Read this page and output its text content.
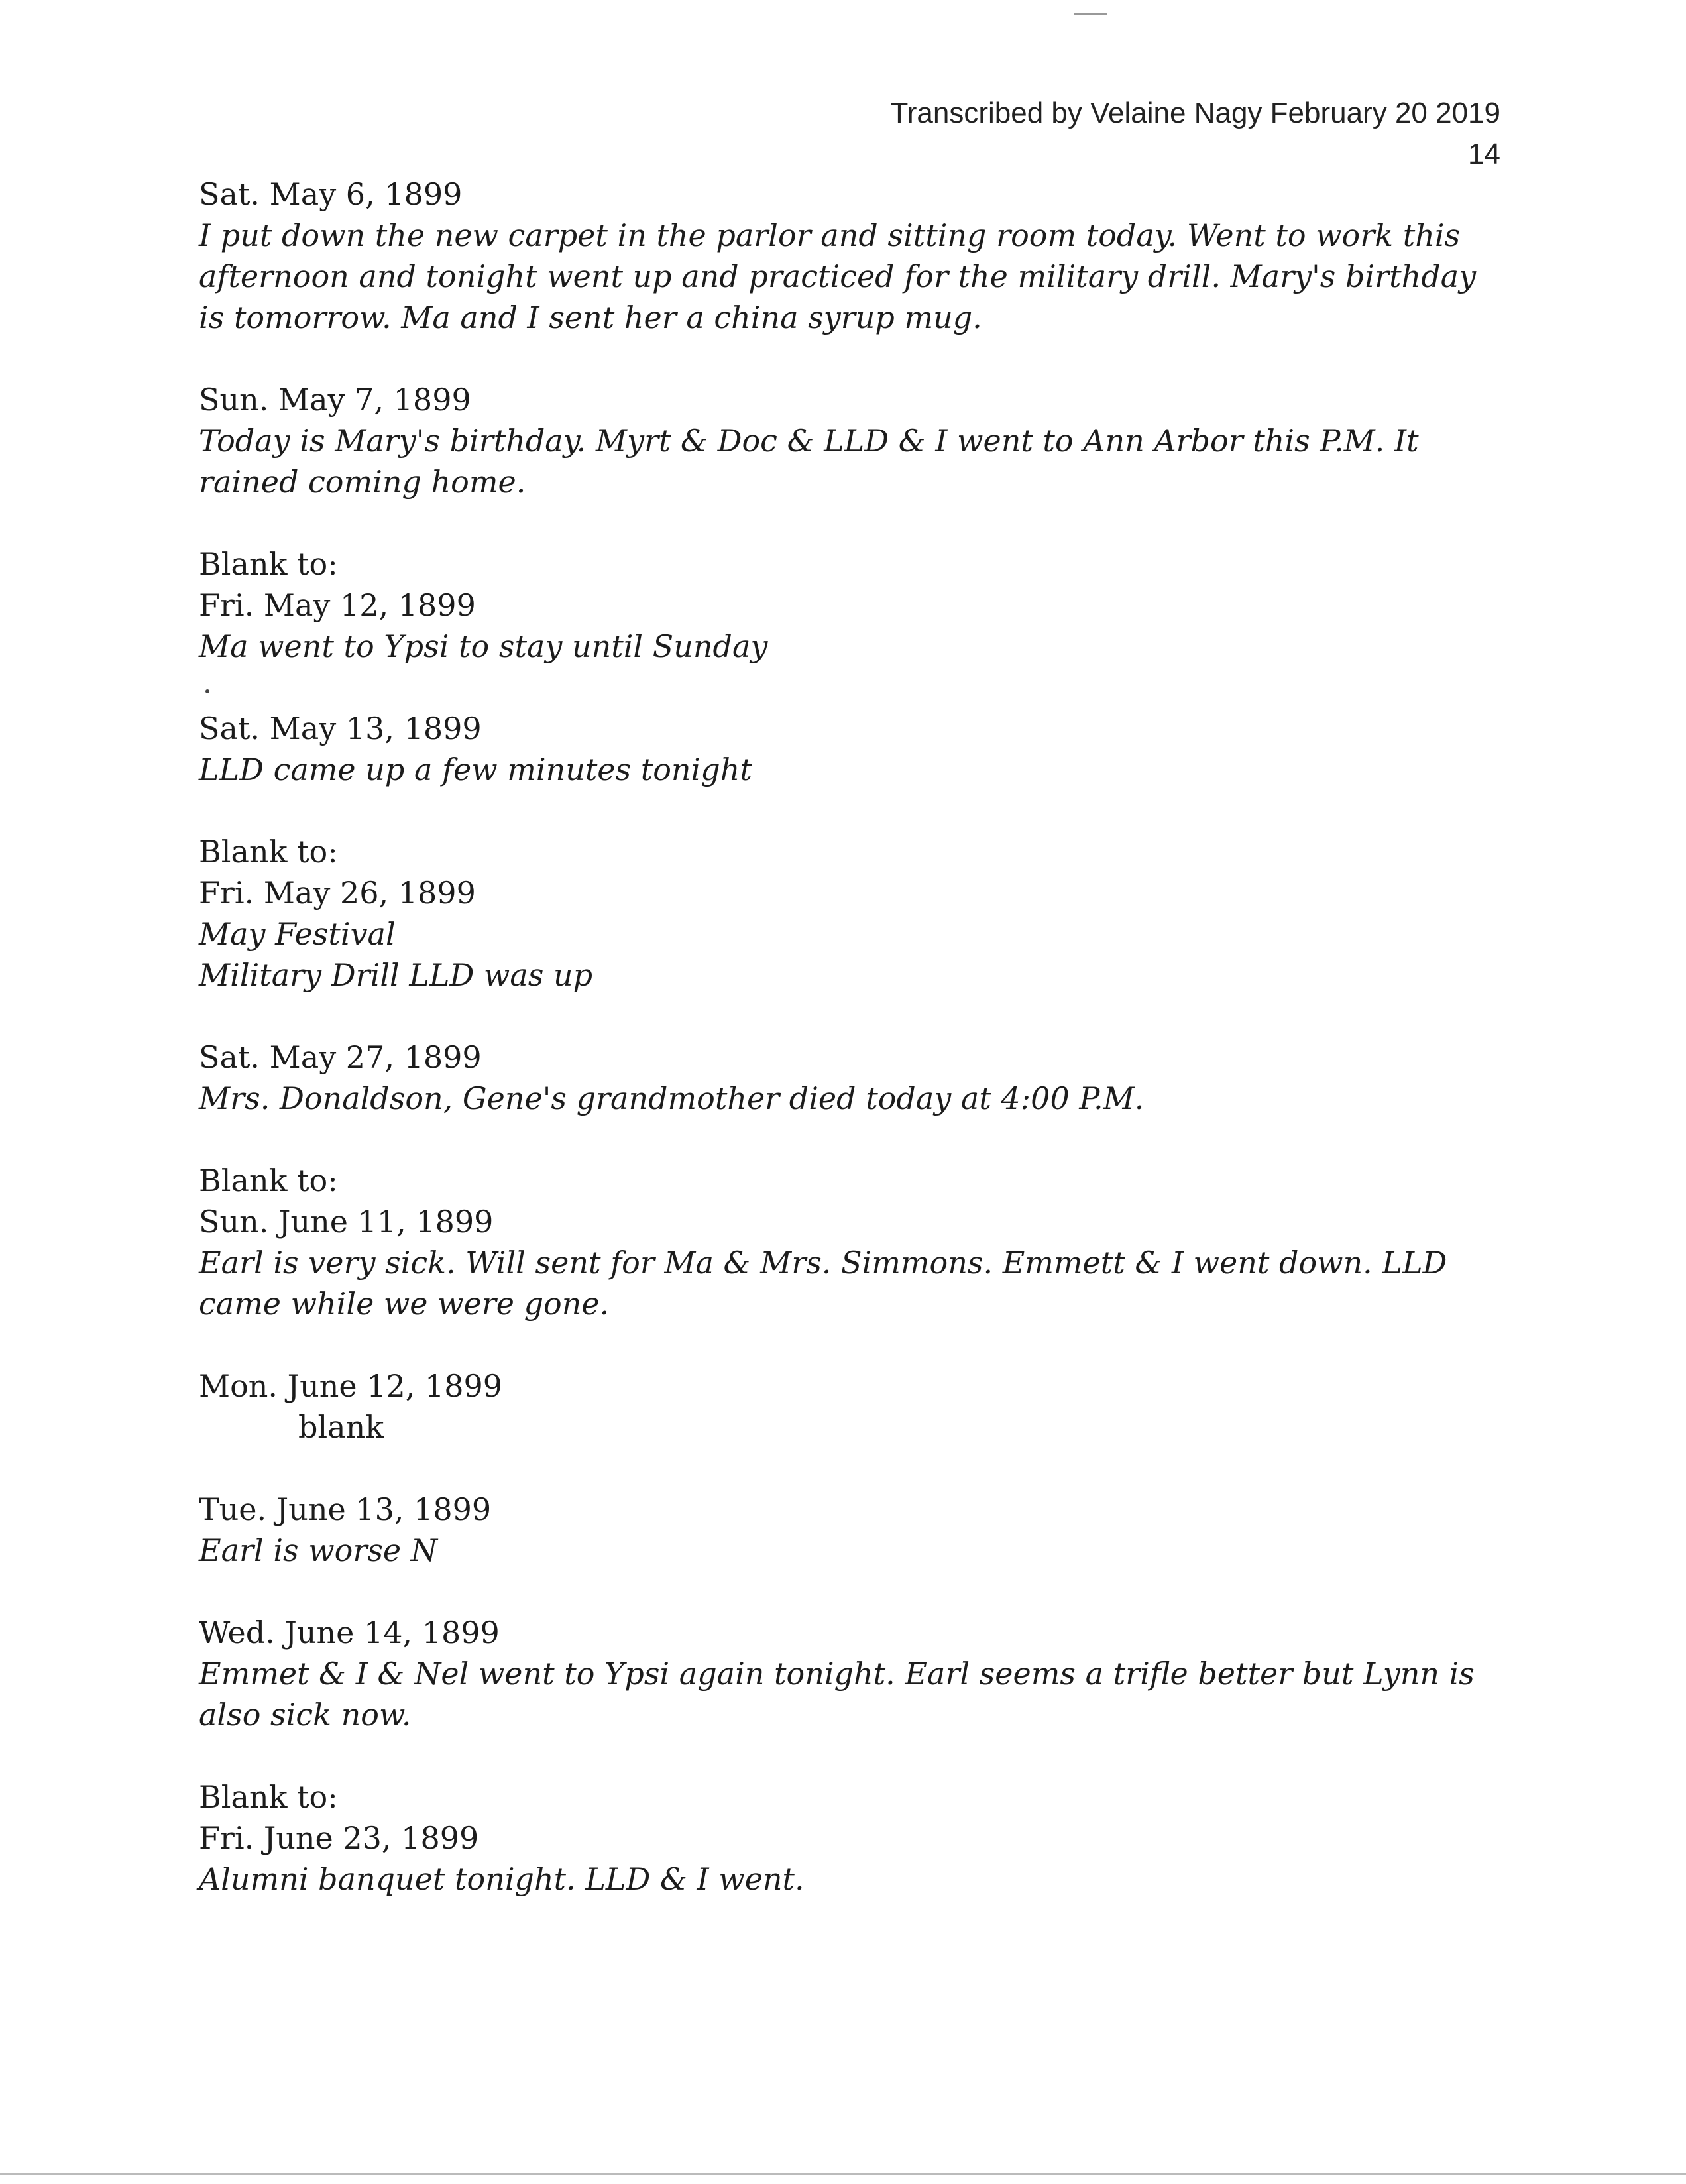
Transcribed by Velaine Nagy February 20 2019
14
Sat. May 6, 1899
I put down the new carpet in the parlor and sitting room today. Went to work this afternoon and tonight went up and practiced for the military drill. Mary's birthday is tomorrow. Ma and I sent her a china syrup mug.
Sun. May 7, 1899
Today is Mary's birthday. Myrt & Doc & LLD & I went to Ann Arbor this P.M. It rained coming home.
Blank to:
Fri. May 12, 1899
Ma went to Ypsi to stay until Sunday
Sat. May 13, 1899
LLD came up a few minutes tonight
Blank to:
Fri. May 26, 1899
May Festival
Military Drill LLD was up
Sat. May 27, 1899
Mrs. Donaldson, Gene's grandmother died today at 4:00 P.M.
Blank to:
Sun. June 11, 1899
Earl is very sick. Will sent for Ma & Mrs. Simmons. Emmett & I went down. LLD came while we were gone.
Mon. June 12, 1899
blank
Tue. June 13, 1899
Earl is worse N
Wed. June 14, 1899
Emmet & I & Nel went to Ypsi again tonight. Earl seems a trifle better but Lynn is also sick now.
Blank to:
Fri. June 23, 1899
Alumni banquet tonight. LLD & I went.
